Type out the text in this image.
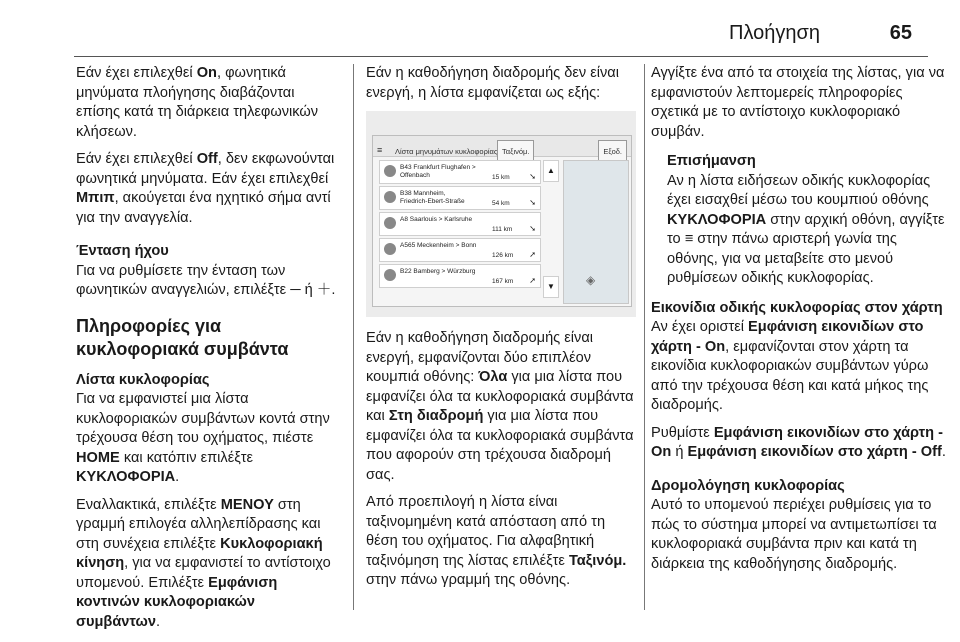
Πλοήγηση	65

Εάν έχει επιλεχθεί On, φωνητικά μηνύματα πλοήγησης διαβάζονται επίσης κατά τη διάρκεια τηλεφωνικών κλήσεων.

Εάν έχει επιλεχθεί Off, δεν εκφωνούνται φωνητικά μηνύματα. Εάν έχει επιλεχθεί Μπιπ, ακούγεται ένα ηχητικό σήμα αντί για την αναγγελία.

Ένταση ήχου

Για να ρυθμίσετε την ένταση των φωνητικών αναγγελιών, επιλέξτε ─ ή ＋.

Πληροφορίες για κυκλοφοριακά συμβάντα
Λίστα κυκλοφορίας

Για να εμφανιστεί μια λίστα κυκλοφοριακών συμβάντων κοντά στην τρέχουσα θέση του οχήματος, πιέστε HOME και κατόπιν επιλέξτε ΚΥΚΛΟΦΟΡΙΑ.

Εναλλακτικά, επιλέξτε ΜΕΝΟΥ στη γραμμή επιλογέα αλληλεπίδρασης και στη συνέχεια επιλέξτε Κυκλοφοριακή κίνηση, για να εμφανιστεί το αντίστοιχο υπομενού. Επιλέξτε Εμφάνιση κοντινών κυκλοφοριακών συμβάντων.

Εάν η καθοδήγηση διαδρομής δεν είναι ενεργή, η λίστα εμφανίζεται ως εξής:

≡ Λίστα μηνυμάτων κυκλοφορίας Ταξινόμ.	Εξοδ.
B43 Frankfurt Flughafen >
Offenbach	15 km ➘
B38 Mannheim,
Friedrich-Ebert-Straße	54 km ➘
A8 Saarlouis > Karlsruhe
111 km ➘
A565 Meckenheim > Bonn
126 km ➚
B22 Bamberg > Würzburg
167 km ➚
▲
▼	◈

Εάν η καθοδήγηση διαδρομής είναι ενεργή, εμφανίζονται δύο επιπλέον κουμπιά οθόνης: Όλα για μια λίστα που εμφανίζει όλα τα κυκλοφοριακά συμβάντα και Στη διαδρομή για μια λίστα που εμφανίζει όλα τα κυκλοφοριακά συμβάντα που αφορούν στη τρέχουσα διαδρομή σας.

Από προεπιλογή η λίστα είναι ταξινομημένη κατά απόσταση από τη θέση του οχήματος. Για αλφαβητική ταξινόμηση της λίστας επιλέξτε Ταξινόμ. στην πάνω γραμμή της οθόνης.

Αγγίξτε ένα από τα στοιχεία της λίστας, για να εμφανιστούν λεπτομερείς πληροφορίες σχετικά με το αντίστοιχο κυκλοφοριακό συμβάν.

Επισήμανση

Αν η λίστα ειδήσεων οδικής κυκλοφορίας έχει εισαχθεί μέσω του κουμπιού οθόνης ΚΥΚΛΟΦΟΡΙΑ στην αρχική οθόνη, αγγίξτε το ≡ στην πάνω αριστερή γωνία της οθόνης, για να μεταβείτε στο μενού ρυθμίσεων οδικής κυκλοφορίας.

Εικονίδια οδικής κυκλοφορίας στον χάρτη

Αν έχει οριστεί Εμφάνιση εικονιδίων στο χάρτη - On, εμφανίζονται στον χάρτη τα εικονίδια κυκλοφοριακών συμβάντων γύρω από την τρέχουσα θέση και κατά μήκος της διαδρομής.

Ρυθμίστε Εμφάνιση εικονιδίων στο χάρτη - On ή Εμφάνιση εικονιδίων στο χάρτη - Off.

Δρομολόγηση κυκλοφορίας

Αυτό το υπομενού περιέχει ρυθμίσεις για το πώς το σύστημα μπορεί να αντιμετωπίσει τα κυκλοφοριακά συμβάντα πριν και κατά τη διάρκεια της καθοδήγησης διαδρομής.
